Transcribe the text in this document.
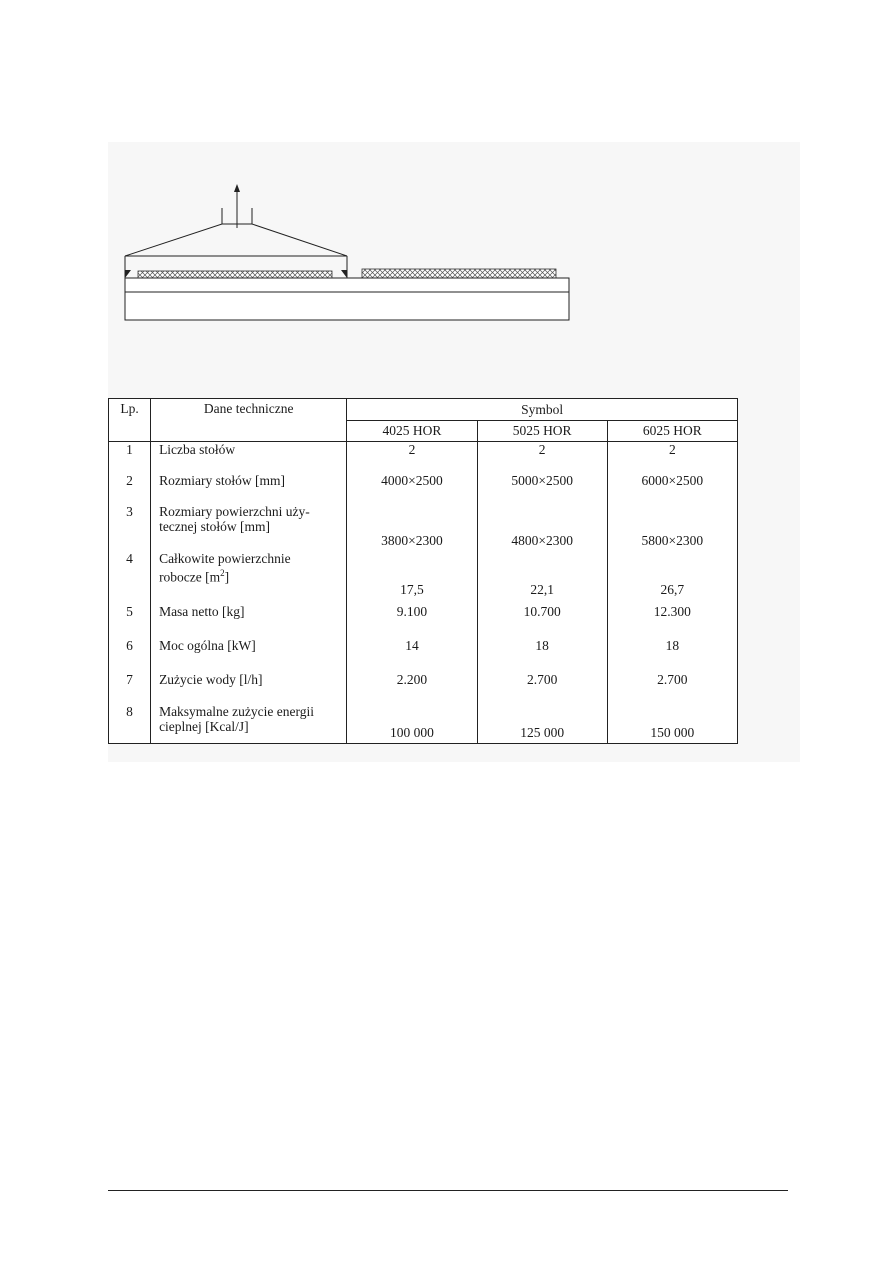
Lp.	Dane techniczne	Symbol		
		4025 HOR	5025 HOR	6025 HOR
1	Liczba stołów	2	2	2
2	Rozmiary stołów [mm]	4000×2500	5000×2500	6000×2500
3	Rozmiary powierzchni uży-
tecznej stołów [mm]	3800×2300	4800×2300	5800×2300
4	Całkowite powierzchnie
robocze $[m^2]$	17,5	22,1	26,7
5	Masa netto [kg]	9.100	10.700	12.300
6	Moc ogólna [kW]	14	18	18
7	Zużycie wody [l/h]	2.200	2.700	2.700
8	Maksymalne zużycie energii
cieplnej [Kcal/J]	100 000	125 000	150 000
